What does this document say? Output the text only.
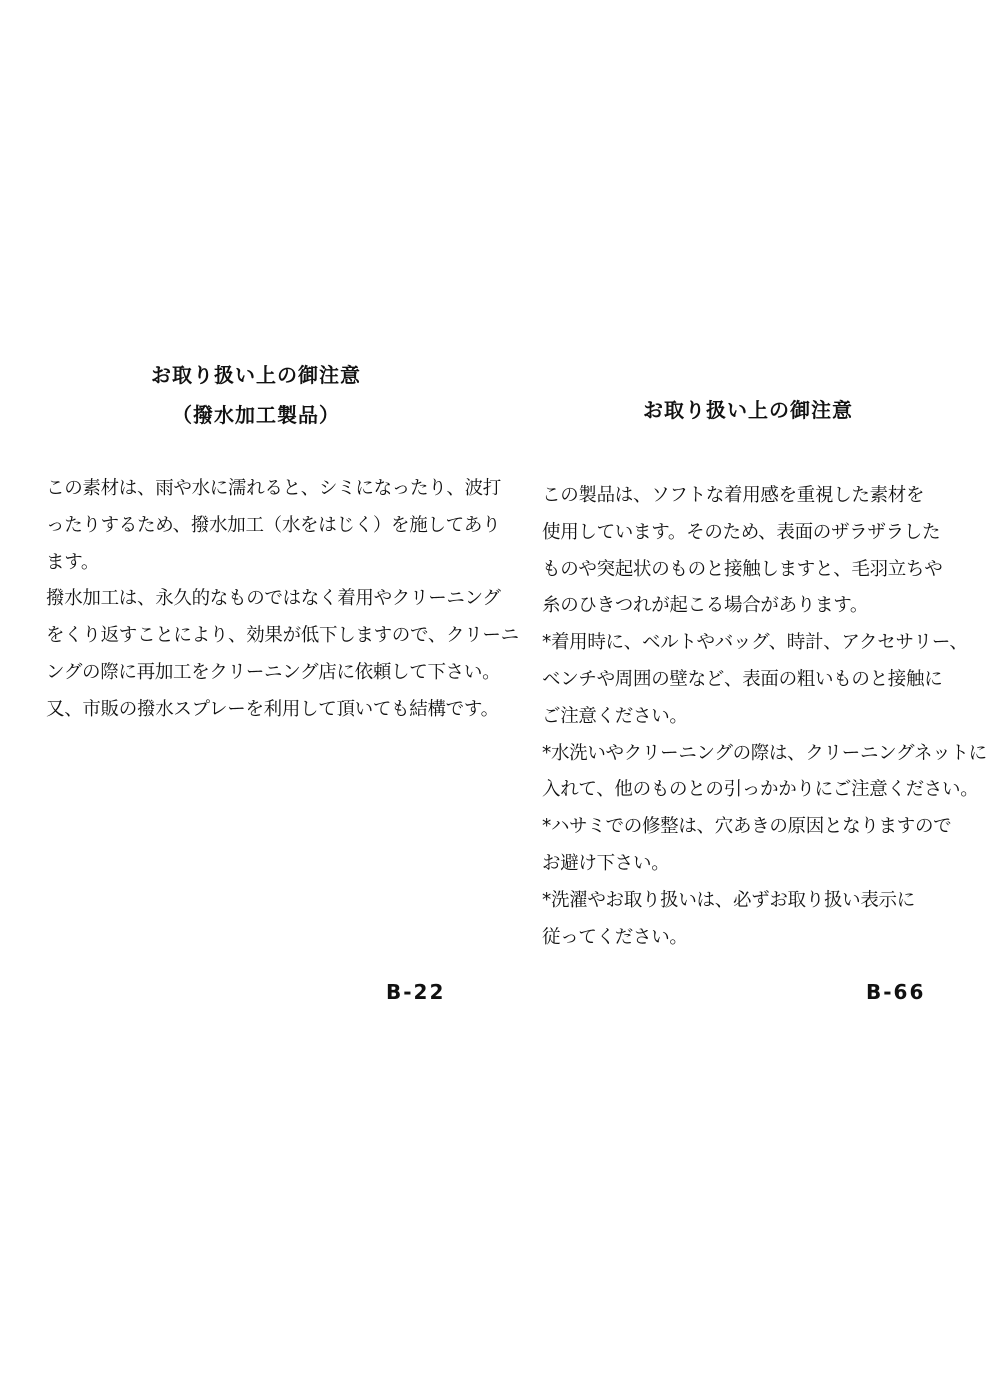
お取り扱い上の御注意
（撥水加工製品）
この素材は、雨や水に濡れると、シミになったり、波打
ったりするため、撥水加工（水をはじく）を施してあり
ます。
撥水加工は、永久的なものではなく着用やクリーニング
をくり返すことにより、効果が低下しますので、クリーニ
ングの際に再加工をクリーニング店に依頼して下さい。
又、市販の撥水スプレーを利用して頂いても結構です。
B-22
お取り扱い上の御注意
この製品は、ソフトな着用感を重視した素材を
使用しています。そのため、表面のザラザラした
ものや突起状のものと接触しますと、毛羽立ちや
糸のひきつれが起こる場合があります。
*着用時に、ベルトやバッグ、時計、アクセサリー、
ベンチや周囲の壁など、表面の粗いものと接触に
ご注意ください。
*水洗いやクリーニングの際は、クリーニングネットに
入れて、他のものとの引っかかりにご注意ください。
*ハサミでの修整は、穴あきの原因となりますので
お避け下さい。
*洗濯やお取り扱いは、必ずお取り扱い表示に
従ってください。
B-66
